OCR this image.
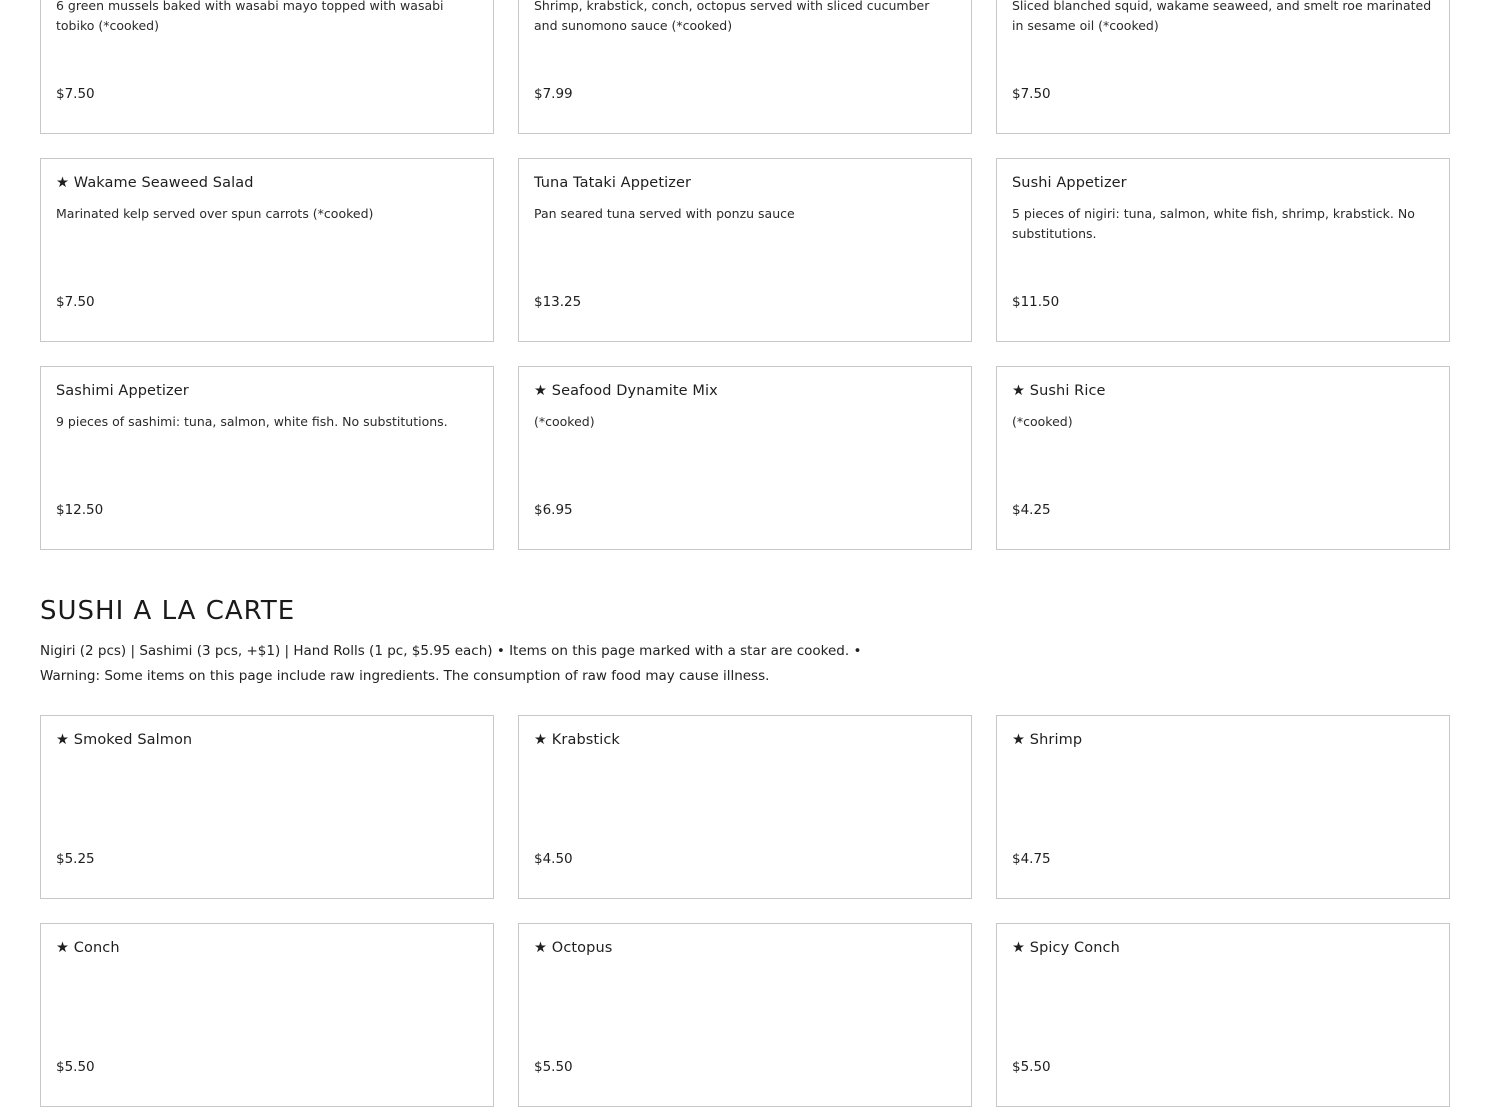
6 green mussels baked with wasabi mayo topped with wasabi tobiko (*cooked)
$7.50
Shrimp, krabstick, conch, octopus served with sliced cucumber and sunomono sauce (*cooked)
$7.99
Sliced blanched squid, wakame seaweed, and smelt roe marinated in sesame oil (*cooked)
$7.50
★ Wakame Seaweed Salad
Marinated kelp served over spun carrots (*cooked)
$7.50
Tuna Tataki Appetizer
Pan seared tuna served with ponzu sauce
$13.25
Sushi Appetizer
5 pieces of nigiri: tuna, salmon, white fish, shrimp, krabstick. No substitutions.
$11.50
Sashimi Appetizer
9 pieces of sashimi: tuna, salmon, white fish. No substitutions.
$12.50
★ Seafood Dynamite Mix
(*cooked)
$6.95
★ Sushi Rice
(*cooked)
$4.25
SUSHI A LA CARTE

Nigiri (2 pcs) | Sashimi (3 pcs, +$1) | Hand Rolls (1 pc, $5.95 each) • Items on this page marked with a star are cooked. • Warning: Some items on this page include raw ingredients. The consumption of raw food may cause illness.

★ Smoked Salmon
$5.25
★ Krabstick
$4.50
★ Shrimp
$4.75
★ Conch
$5.50
★ Octopus
$5.50
★ Spicy Conch
$5.50
